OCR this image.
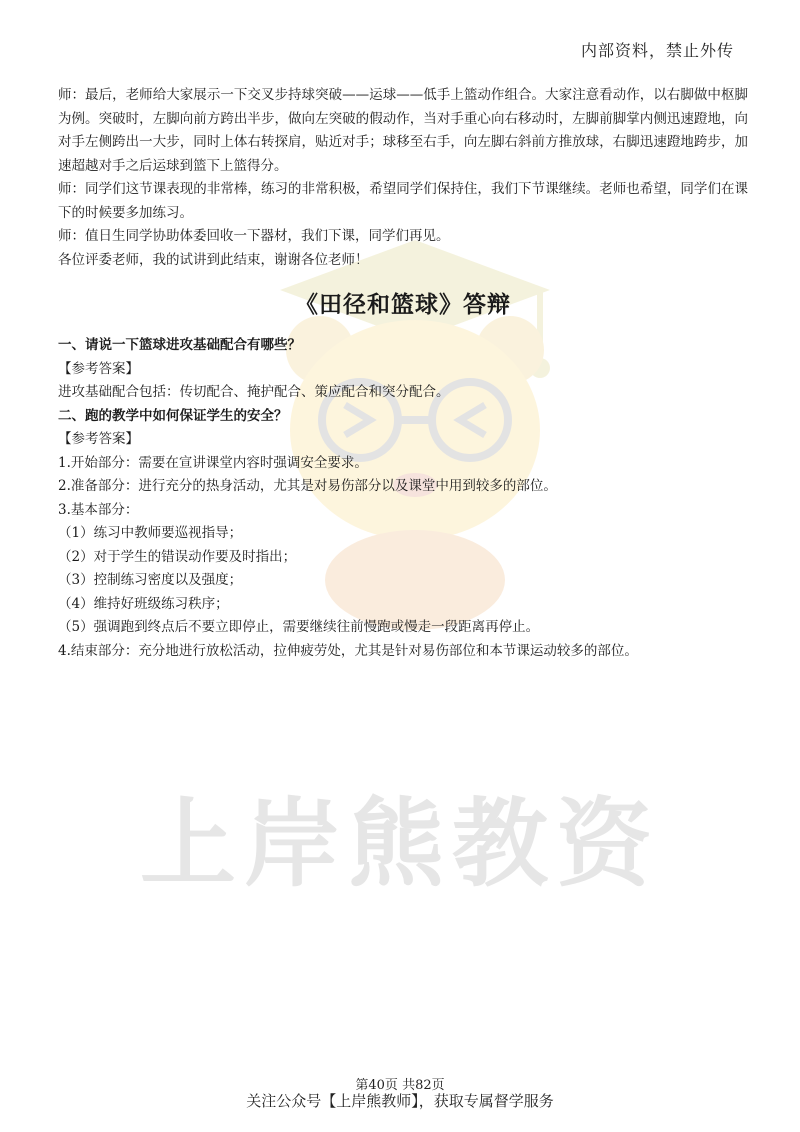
上岸熊教资
内部资料，禁止外传

师：最后，老师给大家展示一下交叉步持球突破——运球——低手上篮动作组合。大家注意看动作，以右脚做中枢脚为例。突破时，左脚向前方跨出半步，做向左突破的假动作，当对手重心向右移动时，左脚前脚掌内侧迅速蹬地，向对手左侧跨出一大步，同时上体右转探肩，贴近对手；球移至右手，向左脚右斜前方推放球，右脚迅速蹬地跨步，加速超越对手之后运球到篮下上篮得分。

师：同学们这节课表现的非常棒，练习的非常积极，希望同学们保持住，我们下节课继续。老师也希望，同学们在课下的时候要多加练习。

师：值日生同学协助体委回收一下器材，我们下课，同学们再见。

各位评委老师，我的试讲到此结束，谢谢各位老师！

《田径和篮球》答辩

一、请说一下篮球进攻基础配合有哪些？

【参考答案】

进攻基础配合包括：传切配合、掩护配合、策应配合和突分配合。

二、跑的教学中如何保证学生的安全？

【参考答案】

1.开始部分：需要在宣讲课堂内容时强调安全要求。

2.准备部分：进行充分的热身活动，尤其是对易伤部分以及课堂中用到较多的部位。

3.基本部分：

（1）练习中教师要巡视指导；

（2）对于学生的错误动作要及时指出；

（3）控制练习密度以及强度；

（4）维持好班级练习秩序；

（5）强调跑到终点后不要立即停止，需要继续往前慢跑或慢走一段距离再停止。

4.结束部分：充分地进行放松活动，拉伸疲劳处，尤其是针对易伤部位和本节课运动较多的部位。

第40页 共82页
关注公众号【上岸熊教师】，获取专属督学服务
